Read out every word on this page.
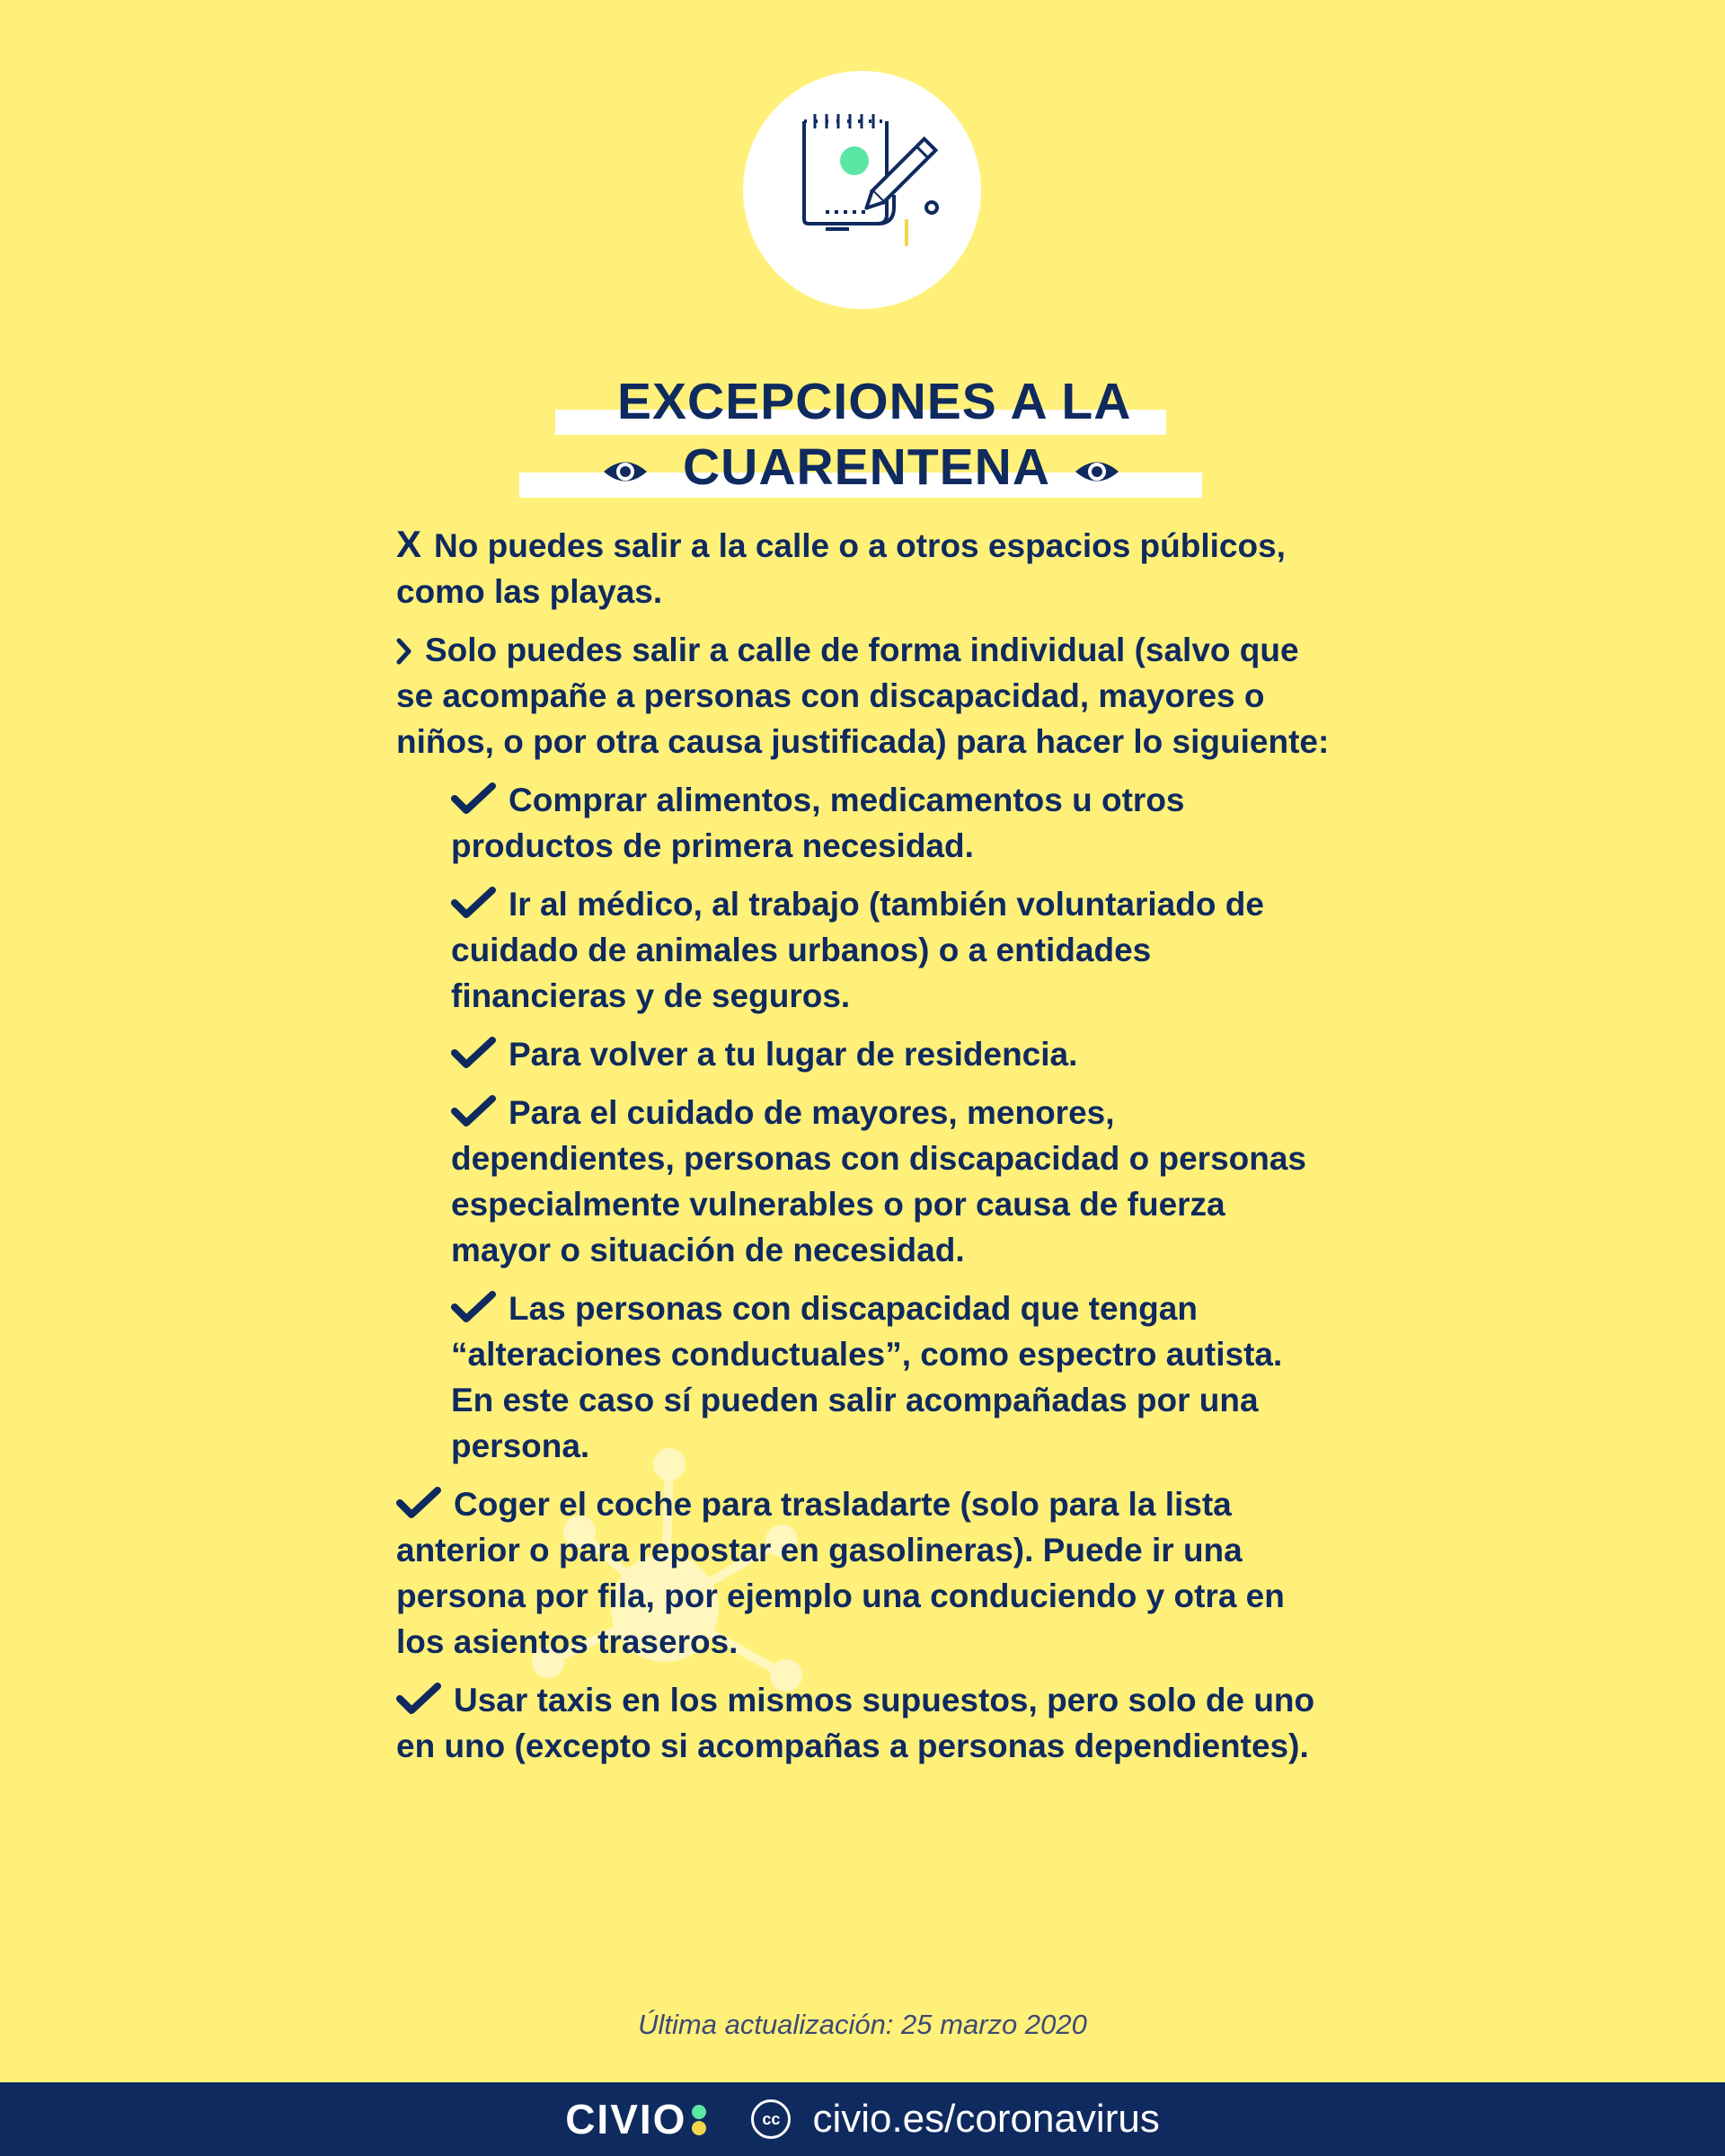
EXCEPCIONES A LA
CUARENTENA
X No puedes salir a la calle o a otros espacios públicos, como las playas.
Solo puedes salir a calle de forma individual (salvo que se acompañe a personas con discapacidad, mayores o niños, o por otra causa justificada) para hacer lo siguiente:
Comprar alimentos, medicamentos u otros productos de primera necesidad.
Ir al médico, al trabajo (también voluntariado de cuidado de animales urbanos) o a entidades financieras y de seguros.
Para volver a tu lugar de residencia.
Para el cuidado de mayores, menores, dependientes, personas con discapacidad o personas especialmente vulnerables o por causa de fuerza mayor o situación de necesidad.
Las personas con discapacidad que tengan “alteraciones conductuales”, como espectro autista. En este caso sí pueden salir acompañadas por una persona.
Coger el coche para trasladarte (solo para la lista anterior o para repostar en gasolineras). Puede ir una persona por fila, por ejemplo una conduciendo y otra en los asientos traseros.
Usar taxis en los mismos supuestos, pero solo de uno en uno (excepto si acompañas a personas dependientes).
Última actualización: 25 marzo 2020
CIVIO	cc civio.es/coronavirus
